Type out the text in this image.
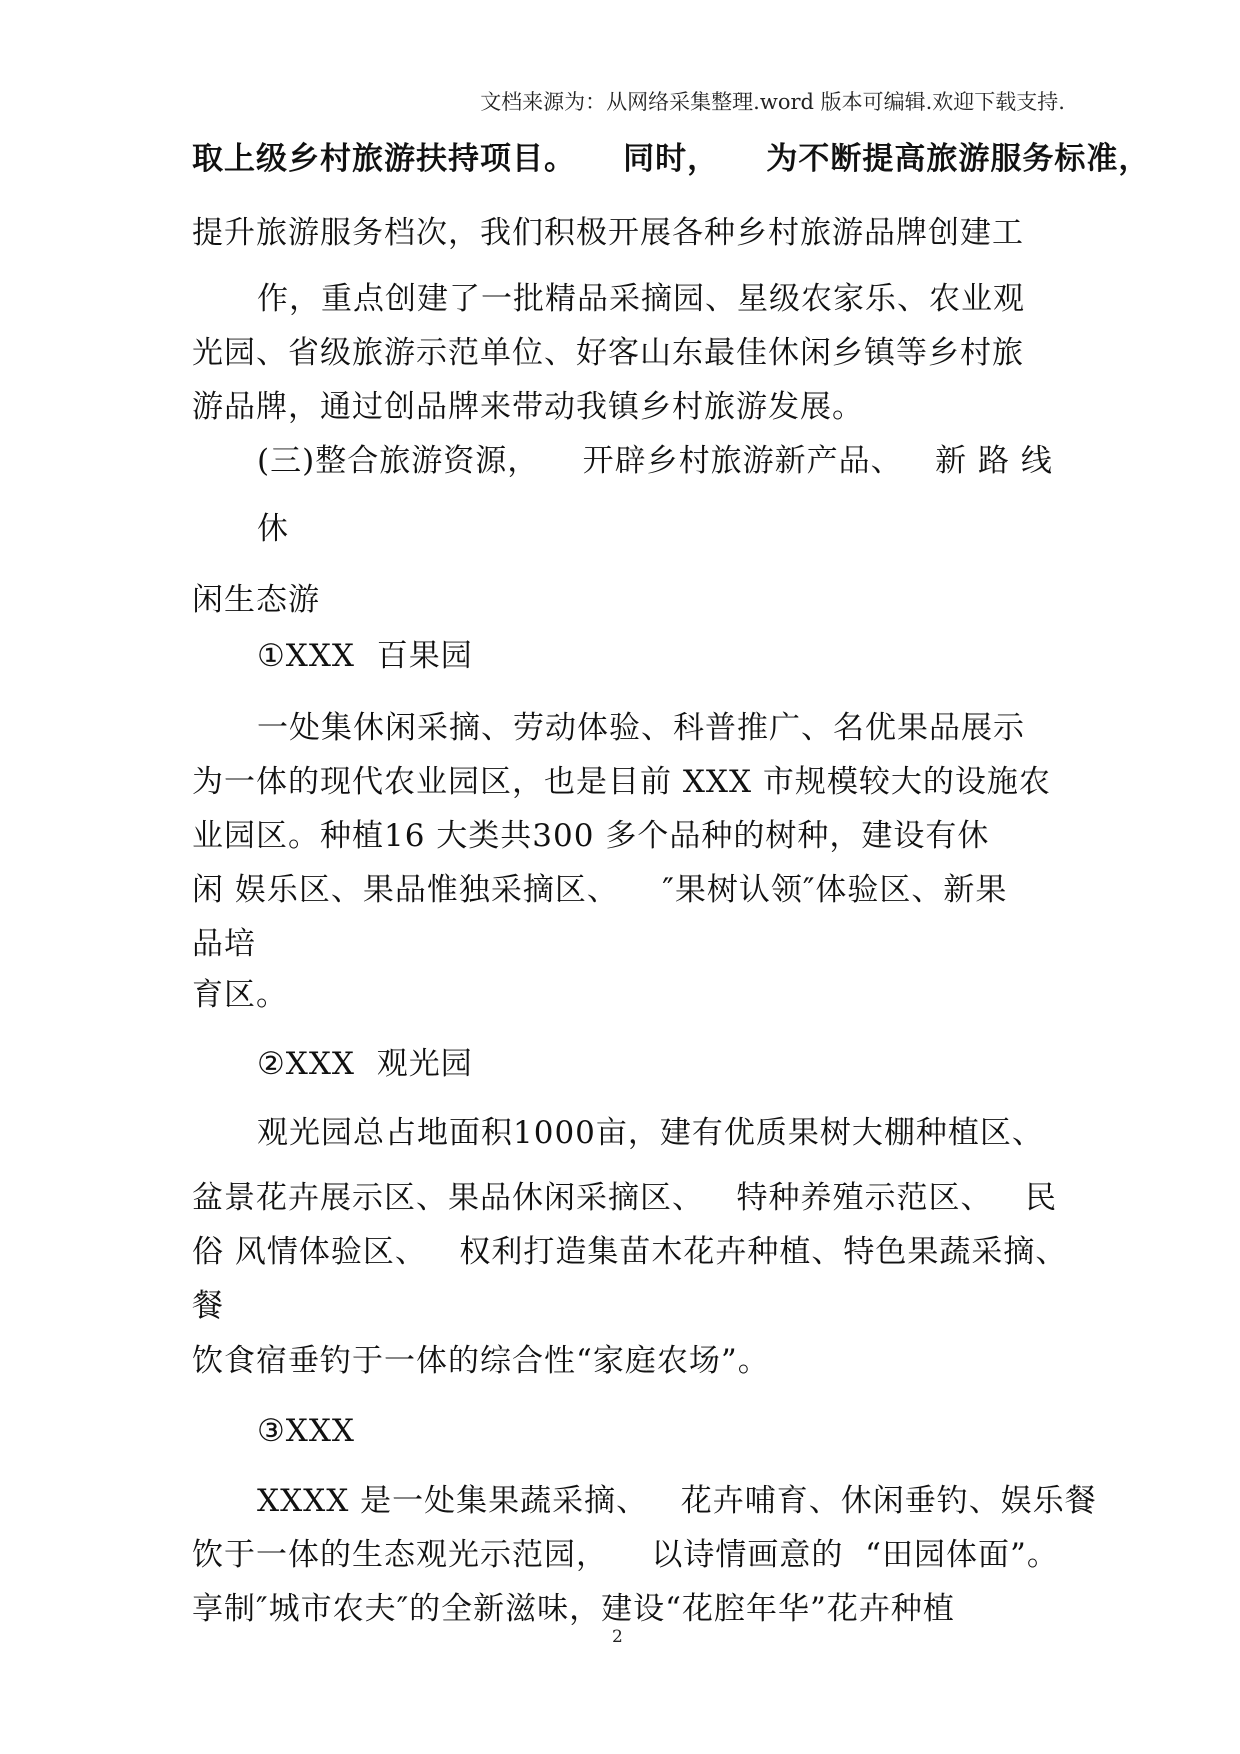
文档来源为：从网络采集整理.word 版本可编辑.欢迎下载支持.
取上级乡村旅游扶持项目。    同时，    为不断提高旅游服务标准，
提升旅游服务档次，我们积极开展各种乡村旅游品牌创建工
作，重点创建了一批精品采摘园、星级农家乐、农业观
光园、省级旅游示范单位、好客山东最佳休闲乡镇等乡村旅
游品牌，通过创品牌来带动我镇乡村旅游发展。
(三)整合旅游资源，    开辟乡村旅游新产品、   新 路 线
休
闲生态游
①XXX  百果园
一处集休闲采摘、劳动体验、科普推广、名优果品展示
为一体的现代农业园区，也是目前 XXX 市规模较大的设施农
业园区。种植16 大类共300 多个品种的树种，建设有休
闲 娱乐区、果品惟独采摘区、    ″果树认领″体验区、新果
品培
育区。
②XXX  观光园
观光园总占地面积1000亩，建有优质果树大棚种植区、
盆景花卉展示区、果品休闲采摘区、   特种养殖示范区、   民
俗 风情体验区、   权利打造集苗木花卉种植、特色果蔬采摘、
餐
饮食宿垂钓于一体的综合性“家庭农场”。
③XXX
XXXX 是一处集果蔬采摘、   花卉哺育、休闲垂钓、娱乐餐
饮于一体的生态观光示范园，    以诗情画意的  “田园体面”。
享制″城市农夫″的全新滋味，建设“花腔年华”花卉种植
2
